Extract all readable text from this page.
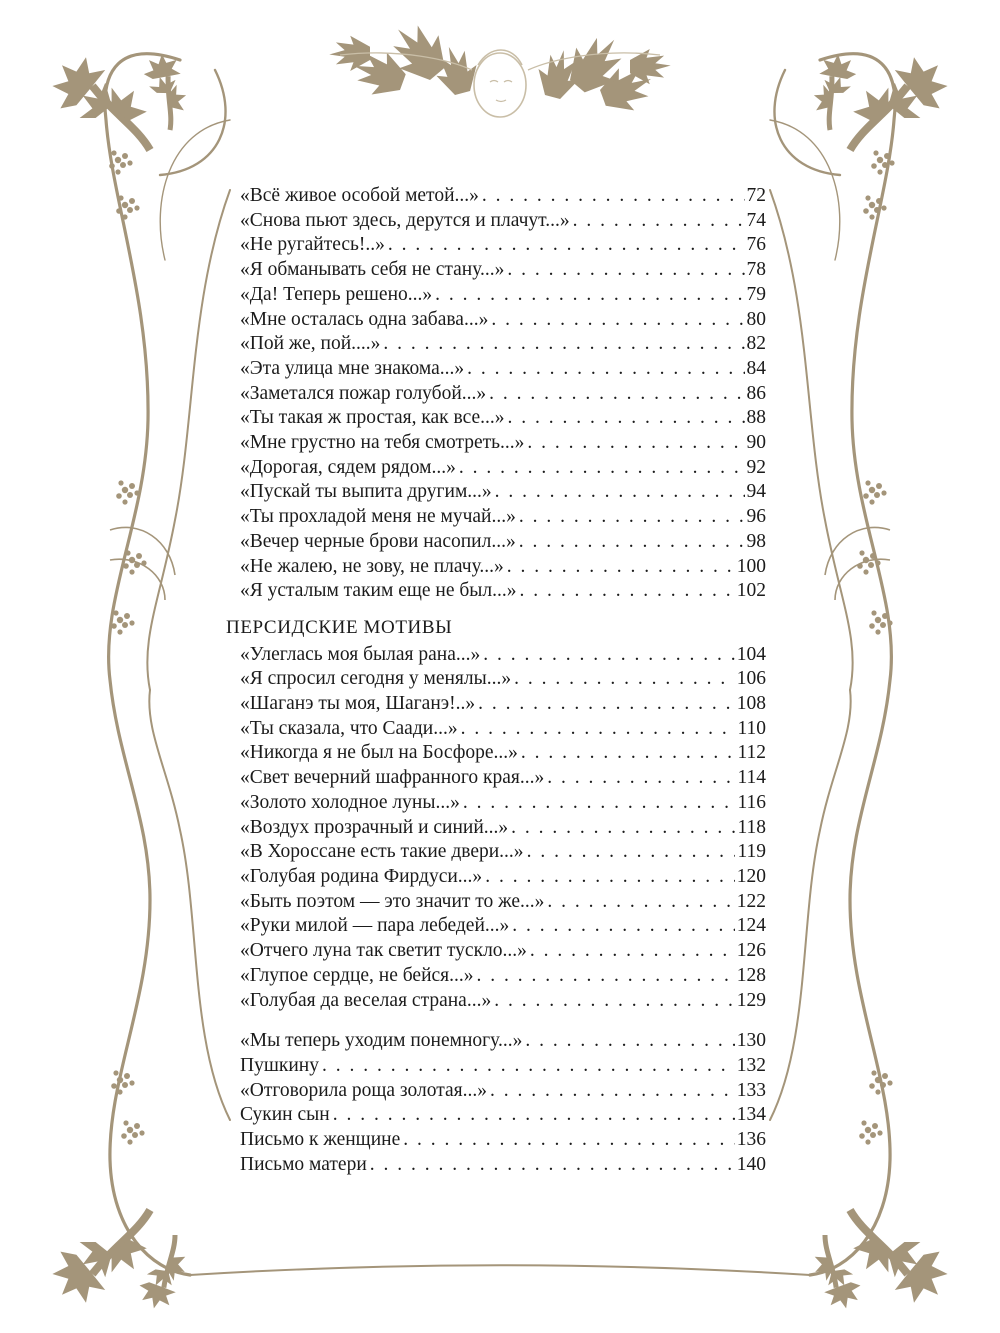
«Всё живое особой метой...» . . .	72
«Снова пьют здесь, дерутся и плачут...» . . .	74
«Не ругайтесь!..» . . .	76
«Я обманывать себя не стану...» . . .	78
«Да! Теперь решено...» . . .	79
«Мне осталась одна забава...» . . .	80
«Пой же, пой....» . . .	82
«Эта улица мне знакома...» . . .	84
«Заметался пожар голубой...» . . .	86
«Ты такая ж простая, как все...» . . .	88
«Мне грустно на тебя смотреть...» . . .	90
«Дорогая, сядем рядом...» . . .	92
«Пускай ты выпита другим...» . . .	94
«Ты прохладой меня не мучай...» . . .	96
«Вечер черные брови насопил...» . . .	98
«Не жалею, не зову, не плачу...» . . .	100
«Я усталым таким еще не был...» . . .	102
ПЕРСИДСКИЕ МОТИВЫ
«Улеглась моя былая рана...» . . .	104
«Я спросил сегодня у менялы...» . . .	106
«Шаганэ ты моя, Шаганэ!..» . . .	108
«Ты сказала, что Саади...» . . .	110
«Никогда я не был на Босфоре...» . . .	112
«Свет вечерний шафранного края...» . . .	114
«Золото холодное луны...» . . .	116
«Воздух прозрачный и синий...» . . .	118
«В Хороссане есть такие двери...» . . .	119
«Голубая родина Фирдуси...» . . .	120
«Быть поэтом — это значит то же...» . . .	122
«Руки милой — пара лебедей...» . . .	124
«Отчего луна так светит тускло...» . . .	126
«Глупое сердце, не бейся...» . . .	128
«Голубая да веселая страна...» . . .	129
«Мы теперь уходим понемногу...» . . .	130
Пушкину . . .	132
«Отговорила роща золотая...» . . .	133
Сукин сын . . .	134
Письмо к женщине . . .	136
Письмо матери . . .	140
